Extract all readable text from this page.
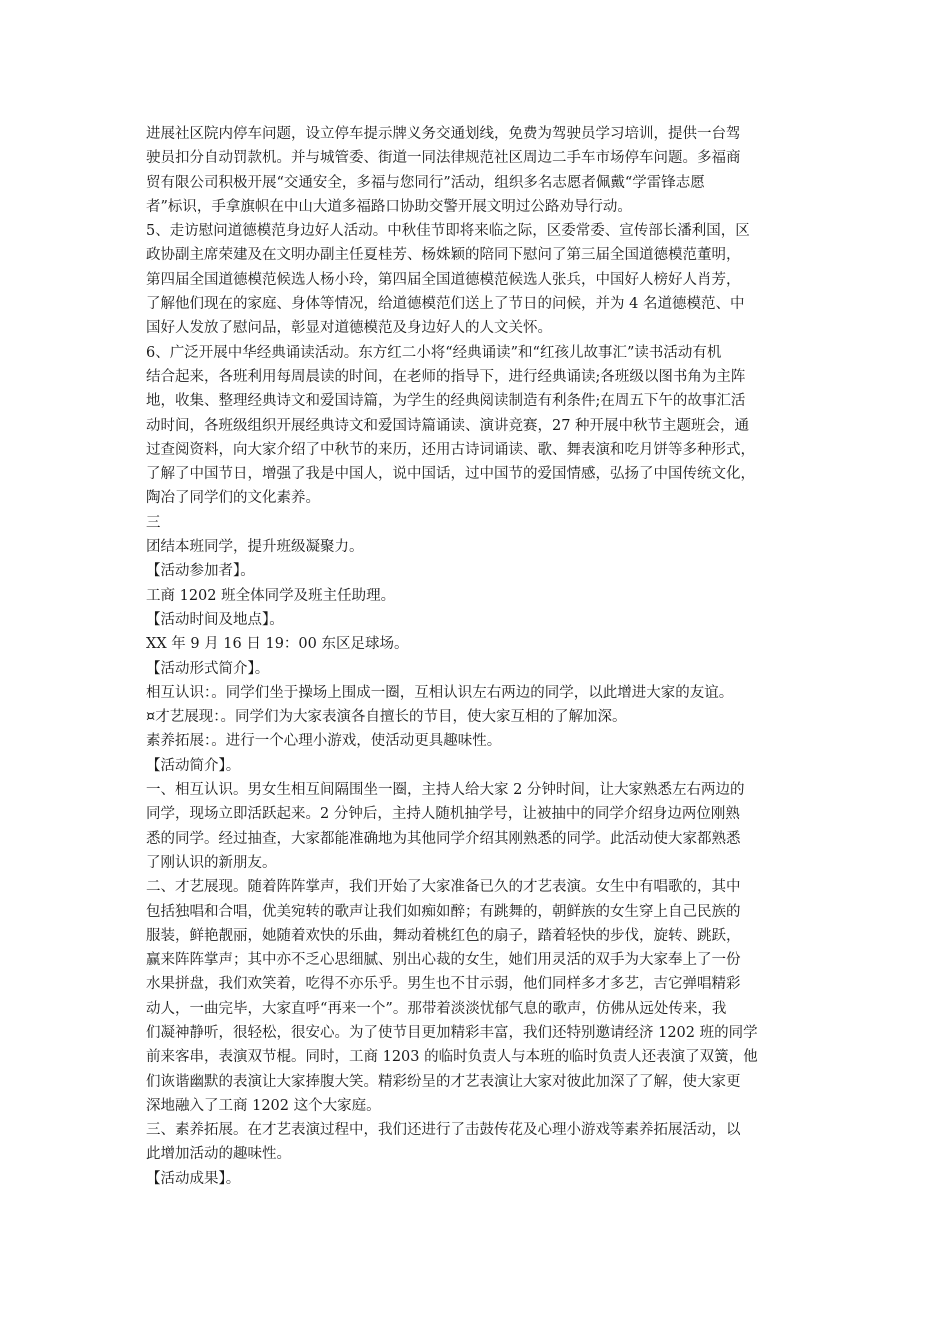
进展社区院内停车问题，设立停车提示牌义务交通划线，免费为驾驶员学习培训，提供一台驾
驶员扣分自动罚款机。并与城管委、街道一同法律规范社区周边二手车市场停车问题。多福商
贸有限公司积极开展“交通安全，多福与您同行”活动，组织多名志愿者佩戴“学雷锋志愿
者”标识，手拿旗帜在中山大道多福路口协助交警开展文明过公路劝导行动。
5、走访慰问道德模范身边好人活动。中秋佳节即将来临之际，区委常委、宣传部长潘利国，区
政协副主席荣建及在文明办副主任夏桂芳、杨姝颖的陪同下慰问了第三届全国道德模范董明，
第四届全国道德模范候选人杨小玲，第四届全国道德模范候选人张兵，中国好人榜好人肖芳，
了解他们现在的家庭、身体等情况，给道德模范们送上了节日的问候，并为 4 名道德模范、中
国好人发放了慰问品，彰显对道德模范及身边好人的人文关怀。
6、广泛开展中华经典诵读活动。东方红二小将“经典诵读”和“红孩儿故事汇”读书活动有机
结合起来，各班利用每周晨读的时间，在老师的指导下，进行经典诵读;各班级以图书角为主阵
地，收集、整理经典诗文和爱国诗篇，为学生的经典阅读制造有利条件;在周五下午的故事汇活
动时间，各班级组织开展经典诗文和爱国诗篇诵读、演讲竞赛，27 种开展中秋节主题班会，通
过查阅资料，向大家介绍了中秋节的来历，还用古诗词诵读、歌、舞表演和吃月饼等多种形式，
了解了中国节日，增强了我是中国人，说中国话，过中国节的爱国情感，弘扬了中国传统文化，
陶冶了同学们的文化素养。
三
团结本班同学，提升班级凝聚力。
【活动参加者】。
工商 1202 班全体同学及班主任助理。
【活动时间及地点】。
XX 年 9 月 16 日 19：00 东区足球场。
【活动形式简介】。
相互认识：。同学们坐于操场上围成一圈，互相认识左右两边的同学，以此增进大家的友谊。
¤才艺展现：。同学们为大家表演各自擅长的节目，使大家互相的了解加深。
素养拓展：。进行一个心理小游戏，使活动更具趣味性。
【活动简介】。
一、相互认识。男女生相互间隔围坐一圈，主持人给大家 2 分钟时间，让大家熟悉左右两边的
同学，现场立即活跃起来。2 分钟后，主持人随机抽学号，让被抽中的同学介绍身边两位刚熟
悉的同学。经过抽查，大家都能准确地为其他同学介绍其刚熟悉的同学。此活动使大家都熟悉
了刚认识的新朋友。
二、才艺展现。随着阵阵掌声，我们开始了大家准备已久的才艺表演。女生中有唱歌的，其中
包括独唱和合唱，优美宛转的歌声让我们如痴如醉；有跳舞的，朝鲜族的女生穿上自己民族的
服装，鲜艳靓丽，她随着欢快的乐曲，舞动着桃红色的扇子，踏着轻快的步伐，旋转、跳跃，
赢来阵阵掌声；其中亦不乏心思细腻、别出心裁的女生，她们用灵活的双手为大家奉上了一份
水果拼盘，我们欢笑着，吃得不亦乐乎。男生也不甘示弱，他们同样多才多艺，吉它弹唱精彩
动人，一曲完毕，大家直呼“再来一个”。那带着淡淡忧郁气息的歌声，仿佛从远处传来，我
们凝神静听，很轻松，很安心。为了使节目更加精彩丰富，我们还特别邀请经济 1202 班的同学
前来客串，表演双节棍。同时，工商 1203 的临时负责人与本班的临时负责人还表演了双簧，他
们诙谐幽默的表演让大家捧腹大笑。精彩纷呈的才艺表演让大家对彼此加深了了解，使大家更
深地融入了工商 1202 这个大家庭。
三、素养拓展。在才艺表演过程中，我们还进行了击鼓传花及心理小游戏等素养拓展活动，以
此增加活动的趣味性。
【活动成果】。
